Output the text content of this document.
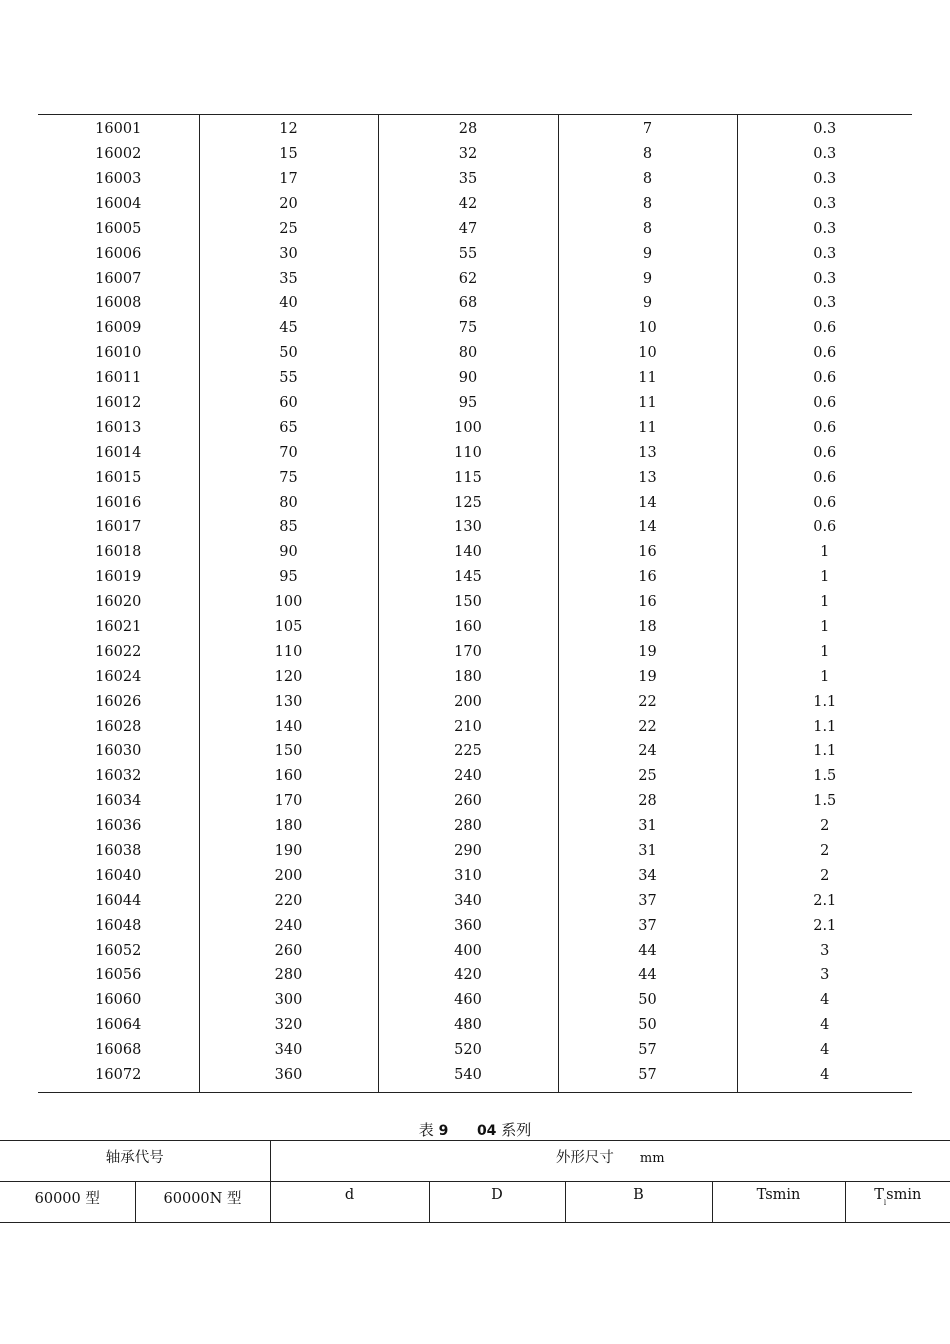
16001	12	28	7	0.3
16002	15	32	8	0.3
16003	17	35	8	0.3
16004	20	42	8	0.3
16005	25	47	8	0.3
16006	30	55	9	0.3
16007	35	62	9	0.3
16008	40	68	9	0.3
16009	45	75	10	0.6
16010	50	80	10	0.6
16011	55	90	11	0.6
16012	60	95	11	0.6
16013	65	100	11	0.6
16014	70	110	13	0.6
16015	75	115	13	0.6
16016	80	125	14	0.6
16017	85	130	14	0.6
16018	90	140	16	1
16019	95	145	16	1
16020	100	150	16	1
16021	105	160	18	1
16022	110	170	19	1
16024	120	180	19	1
16026	130	200	22	1.1
16028	140	210	22	1.1
16030	150	225	24	1.1
16032	160	240	25	1.5
16034	170	260	28	1.5
16036	180	280	31	2
16038	190	290	31	2
16040	200	310	34	2
16044	220	340	37	2.1
16048	240	360	37	2.1
16052	260	400	44	3
16056	280	420	44	3
16060	300	460	50	4
16064	320	480	50	4
16068	340	520	57	4
16072	360	540	57	4
表 9 04 系列
轴承代号		外形尺寸 mm				
60000 型	60000N 型	d	D	B	Tsmin	$T_lsmin$
